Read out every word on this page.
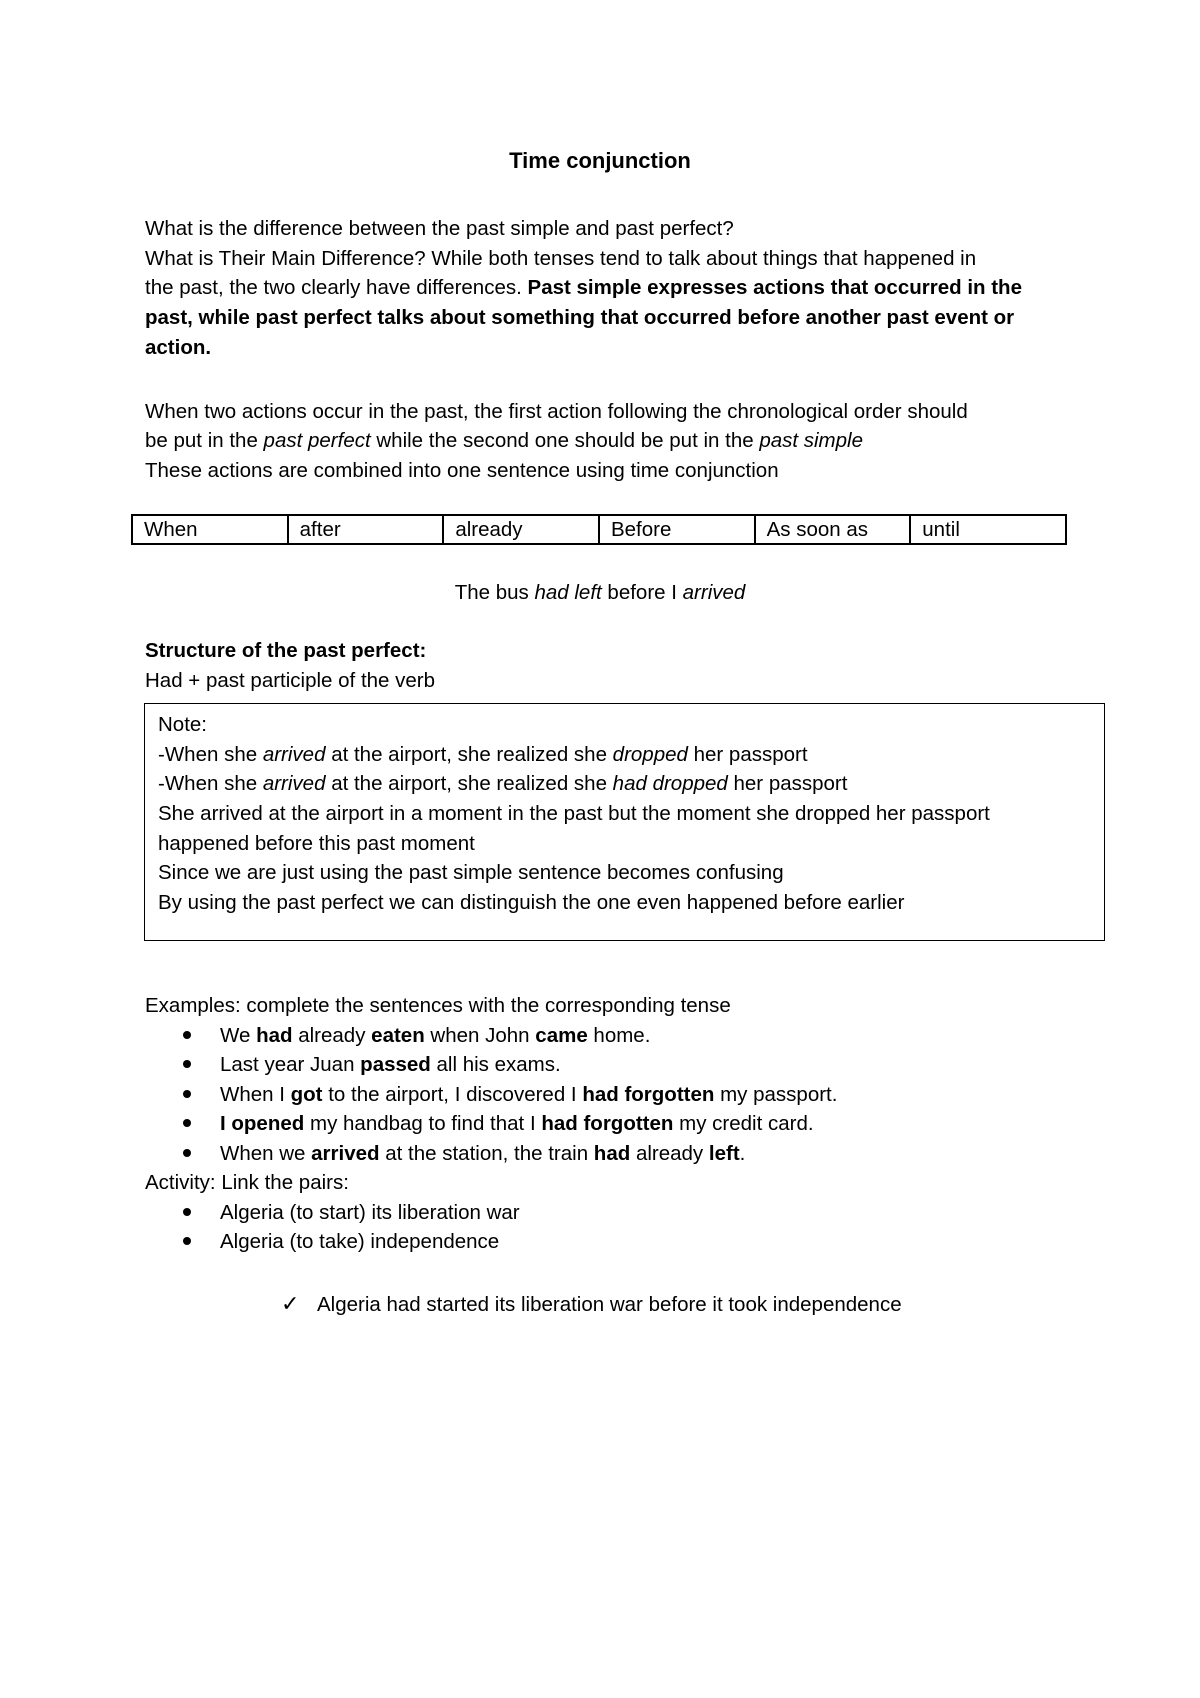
Time conjunction
What is the difference between the past simple and past perfect?
What is Their Main Difference? While both tenses tend to talk about things that happened in
the past, the two clearly have differences. Past simple expresses actions that occurred in the
past, while past perfect talks about something that occurred before another past event or
action.
When two actions occur in the past, the first action following the chronological order should
be put in the past perfect while the second one should be put in the past simple
These actions are combined into one sentence using time conjunction
When	after	already	Before	As soon as	until
The bus had left before I arrived
Structure of the past perfect:
Had + past participle of the verb
Note:
-When she arrived at the airport, she realized she dropped her passport
-When she arrived at the airport, she realized she had dropped her passport
She arrived at the airport in a moment in the past but the moment she dropped her passport
happened before this past moment
Since we are just using the past simple sentence becomes confusing
By using the past perfect we can distinguish the one even happened before earlier
Examples: complete the sentences with the corresponding tense
We had already eaten when John came home.
Last year Juan passed all his exams.
When I got to the airport, I discovered I had forgotten my passport.
I opened my handbag to find that I had forgotten my credit card.
When we arrived at the station, the train had already left.
Activity: Link the pairs:
Algeria (to start) its liberation war
Algeria (to take) independence
✓ Algeria had started its liberation war before it took independence
